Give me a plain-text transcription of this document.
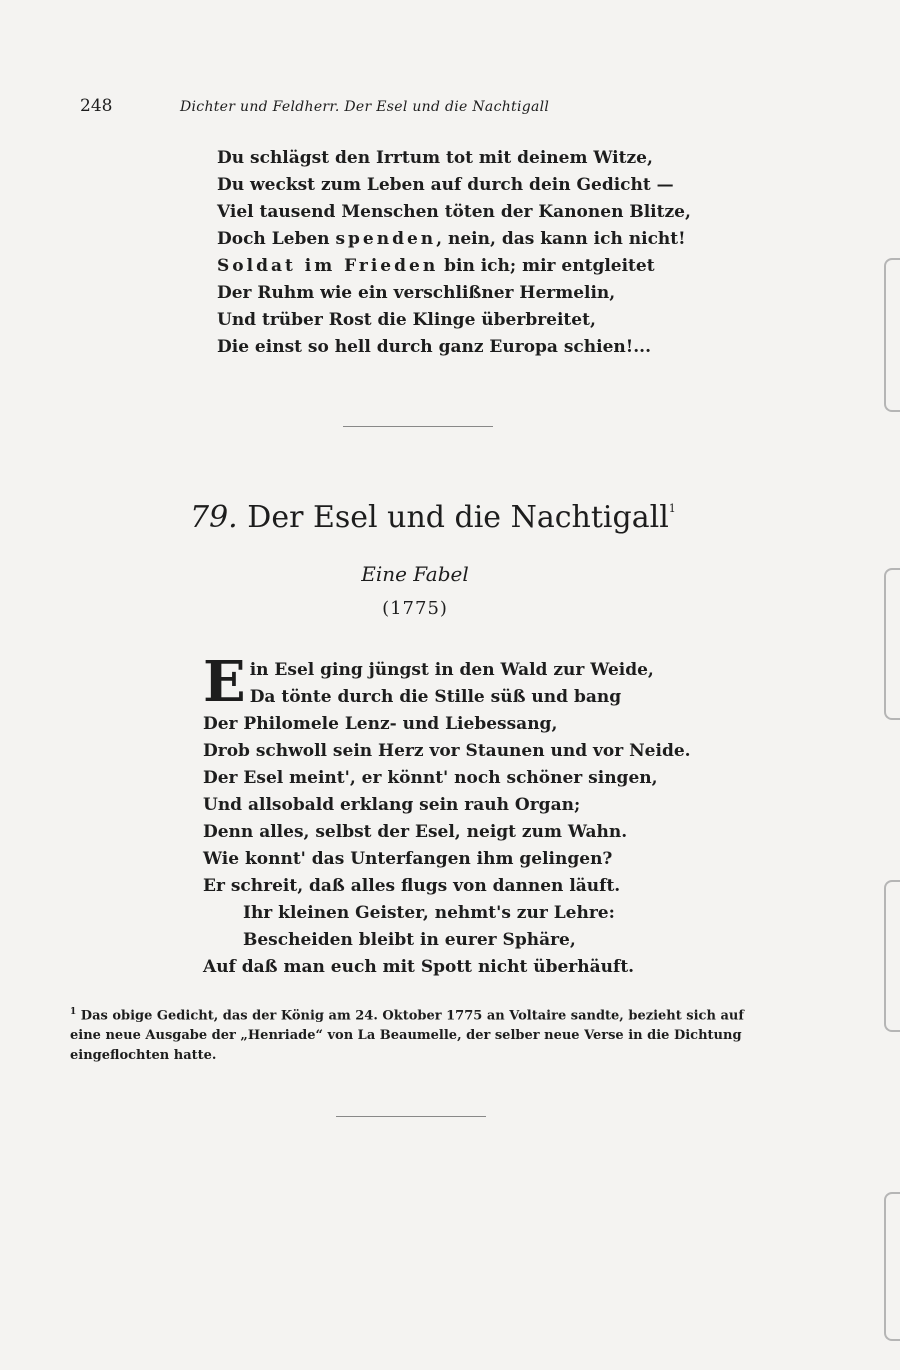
248	Dichter und Feldherr. Der Esel und die Nachtigall
Du schlägst den Irrtum tot mit deinem Witze,
Du weckst zum Leben auf durch dein Gedicht —
Viel tausend Menschen töten der Kanonen Blitze,
Doch Leben spenden, nein, das kann ich nicht!
Soldat im Frieden bin ich; mir entgleitet
Der Ruhm wie ein verschlißner Hermelin,
Und trüber Rost die Klinge überbreitet,
Die einst so hell durch ganz Europa schien!...
79. Der Esel und die Nachtigall$^1$
Eine Fabel
(1775)
Ein Esel ging jüngst in den Wald zur Weide,
Da tönte durch die Stille süß und bang
Der Philomele Lenz- und Liebessang,
Drob schwoll sein Herz vor Staunen und vor Neide.
Der Esel meint', er könnt' noch schöner singen,
Und allsobald erklang sein rauh Organ;
Denn alles, selbst der Esel, neigt zum Wahn.
Wie konnt' das Unterfangen ihm gelingen?
Er schreit, daß alles flugs von dannen läuft.
Ihr kleinen Geister, nehmt's zur Lehre:
Bescheiden bleibt in eurer Sphäre,
Auf daß man euch mit Spott nicht überhäuft.
$^1$ Das obige Gedicht, das der König am 24. Oktober 1775 an Voltaire sandte, bezieht sich auf eine neue Ausgabe der „Henriade“ von La Beaumelle, der selber neue Verse in die Dichtung eingeflochten hatte.
